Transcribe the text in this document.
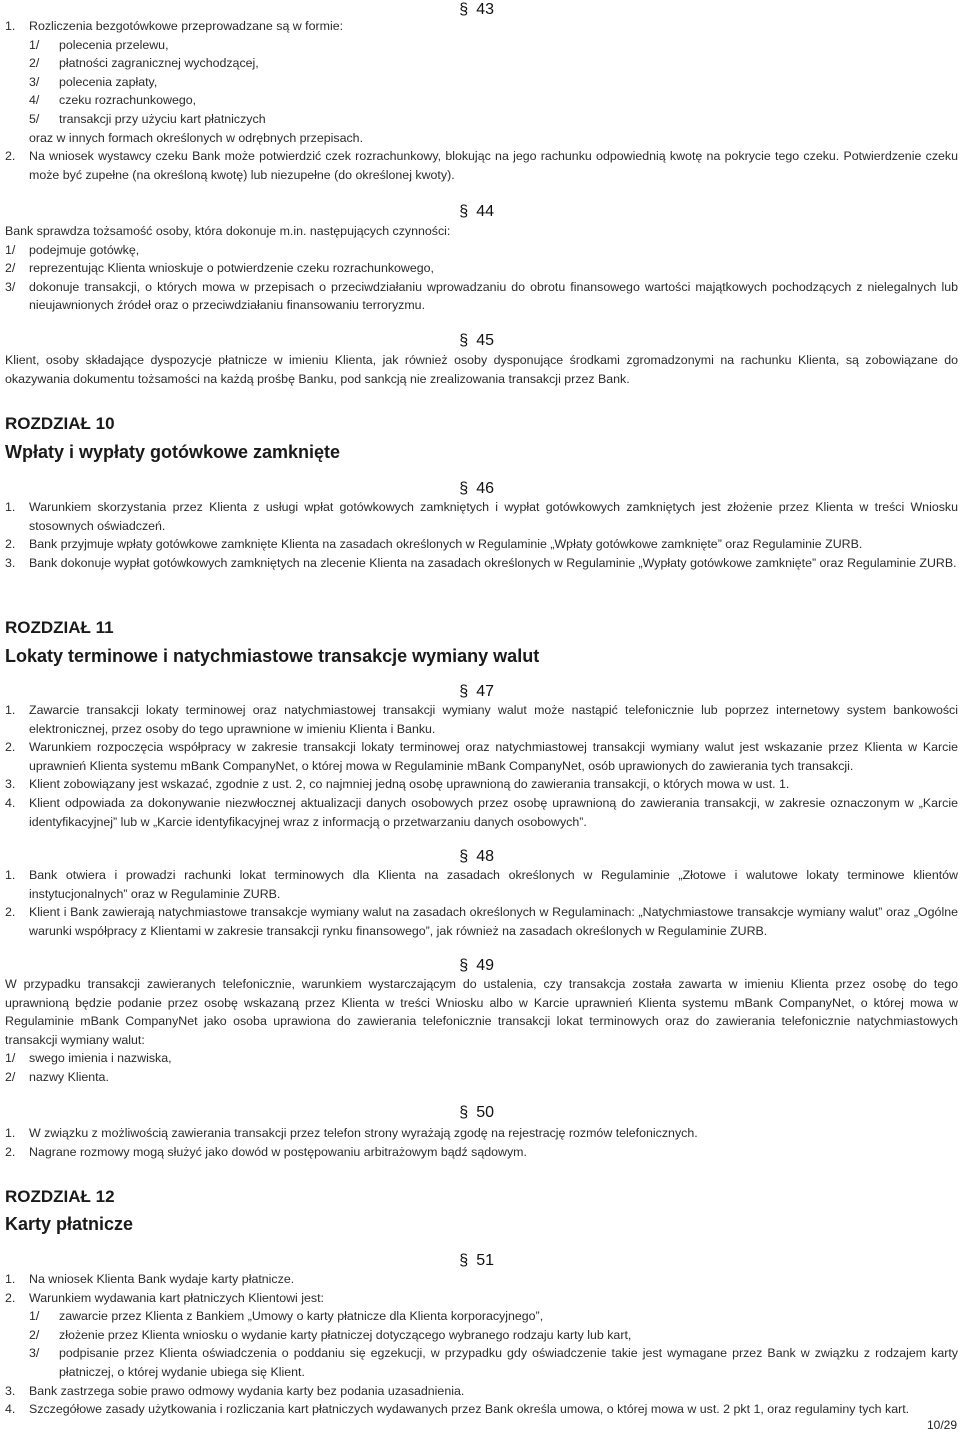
§ 43
1.	Rozliczenia bezgotówkowe przeprowadzane są w formie:
1/	polecenia przelewu,
2/	płatności zagranicznej wychodzącej,
3/	polecenia zapłaty,
4/	czeku rozrachunkowego,
5/	transakcji przy użyciu kart płatniczych
oraz w innych formach określonych w odrębnych przepisach.
2.	Na wniosek wystawcy czeku Bank może potwierdzić czek rozrachunkowy, blokując na jego rachunku odpowiednią kwotę na pokrycie tego czeku. Potwierdzenie czeku może być zupełne (na określoną kwotę) lub niezupełne (do określonej kwoty).
§ 44
Bank sprawdza tożsamość osoby, która dokonuje m.in. następujących czynności:
1/	podejmuje gotówkę,
2/	reprezentując Klienta wnioskuje o potwierdzenie czeku rozrachunkowego,
3/	dokonuje transakcji, o których mowa w przepisach o przeciwdziałaniu wprowadzaniu do obrotu finansowego wartości majątkowych pochodzących z nielegalnych lub nieujawnionych źródeł oraz o przeciwdziałaniu finansowaniu terroryzmu.
§ 45
Klient, osoby składające dyspozycje płatnicze w imieniu Klienta, jak również osoby dysponujące środkami zgromadzonymi na rachunku Klienta, są zobowiązane do okazywania dokumentu tożsamości na każdą prośbę Banku, pod sankcją nie zrealizowania transakcji przez Bank.
ROZDZIAŁ 10
Wpłaty i wypłaty gotówkowe zamknięte
§ 46
1.	Warunkiem skorzystania przez Klienta z usługi wpłat gotówkowych zamkniętych i wypłat gotówkowych zamkniętych jest złożenie przez Klienta w treści Wniosku stosownych oświadczeń.
2.	Bank przyjmuje wpłaty gotówkowe zamknięte Klienta na zasadach określonych w Regulaminie „Wpłaty gotówkowe zamknięte” oraz Regulaminie ZURB.
3.	Bank dokonuje wypłat gotówkowych zamkniętych na zlecenie Klienta na zasadach określonych w Regulaminie „Wypłaty gotówkowe zamknięte” oraz Regulaminie ZURB.
ROZDZIAŁ 11
Lokaty terminowe i natychmiastowe transakcje wymiany walut
§ 47
1.	Zawarcie transakcji lokaty terminowej oraz natychmiastowej transakcji wymiany walut może nastąpić telefonicznie lub poprzez internetowy system bankowości elektronicznej, przez osoby do tego uprawnione w imieniu Klienta i Banku.
2.	Warunkiem rozpoczęcia współpracy w zakresie transakcji lokaty terminowej oraz natychmiastowej transakcji wymiany walut jest wskazanie przez Klienta w Karcie uprawnień Klienta systemu mBank CompanyNet, o której mowa w Regulaminie mBank CompanyNet, osób uprawionych do zawierania tych transakcji.
3.	Klient zobowiązany jest wskazać, zgodnie z ust. 2, co najmniej jedną osobę uprawnioną do zawierania transakcji, o których mowa w ust. 1.
4.	Klient odpowiada za dokonywanie niezwłocznej aktualizacji danych osobowych przez osobę uprawnioną do zawierania transakcji, w zakresie oznaczonym w „Karcie identyfikacyjnej” lub w „Karcie identyfikacyjnej wraz z informacją o przetwarzaniu danych osobowych”.
§ 48
1.	Bank otwiera i prowadzi rachunki lokat terminowych dla Klienta na zasadach określonych w Regulaminie „Złotowe i walutowe lokaty terminowe klientów instytucjonalnych” oraz w Regulaminie ZURB.
2.	Klient i Bank zawierają natychmiastowe transakcje wymiany walut na zasadach określonych w Regulaminach: „Natychmiastowe transakcje wymiany walut” oraz „Ogólne warunki współpracy z Klientami w zakresie transakcji rynku finansowego”, jak również na zasadach określonych w Regulaminie ZURB.
§ 49
W przypadku transakcji zawieranych telefonicznie, warunkiem wystarczającym do ustalenia, czy transakcja została zawarta w imieniu Klienta przez osobę do tego uprawnioną będzie podanie przez osobę wskazaną przez Klienta w treści Wniosku albo w Karcie uprawnień Klienta systemu mBank CompanyNet, o której mowa w Regulaminie mBank CompanyNet jako osoba uprawiona do zawierania telefonicznie transakcji lokat terminowych oraz do zawierania telefonicznie natychmiastowych transakcji wymiany walut:
1/	swego imienia i nazwiska,
2/	nazwy Klienta.
§ 50
1.	W związku z możliwością zawierania transakcji przez telefon strony wyrażają zgodę na rejestrację rozmów telefonicznych.
2.	Nagrane rozmowy mogą służyć jako dowód w postępowaniu arbitrażowym bądź sądowym.
ROZDZIAŁ 12
Karty płatnicze
§ 51
1.	Na wniosek Klienta Bank wydaje karty płatnicze.
2.	Warunkiem wydawania kart płatniczych Klientowi jest:
1/	zawarcie przez Klienta z Bankiem „Umowy o karty płatnicze dla Klienta korporacyjnego”,
2/	złożenie przez Klienta wniosku o wydanie karty płatniczej dotyczącego wybranego rodzaju karty lub kart,
3/	podpisanie przez Klienta oświadczenia o poddaniu się egzekucji, w przypadku gdy oświadczenie takie jest wymagane przez Bank w związku z rodzajem karty płatniczej, o której wydanie ubiega się Klient.
3.	Bank zastrzega sobie prawo odmowy wydania karty bez podania uzasadnienia.
4.	Szczegółowe zasady użytkowania i rozliczania kart płatniczych wydawanych przez Bank określa umowa, o której mowa w ust. 2 pkt 1, oraz regulaminy tych kart.
10/29
